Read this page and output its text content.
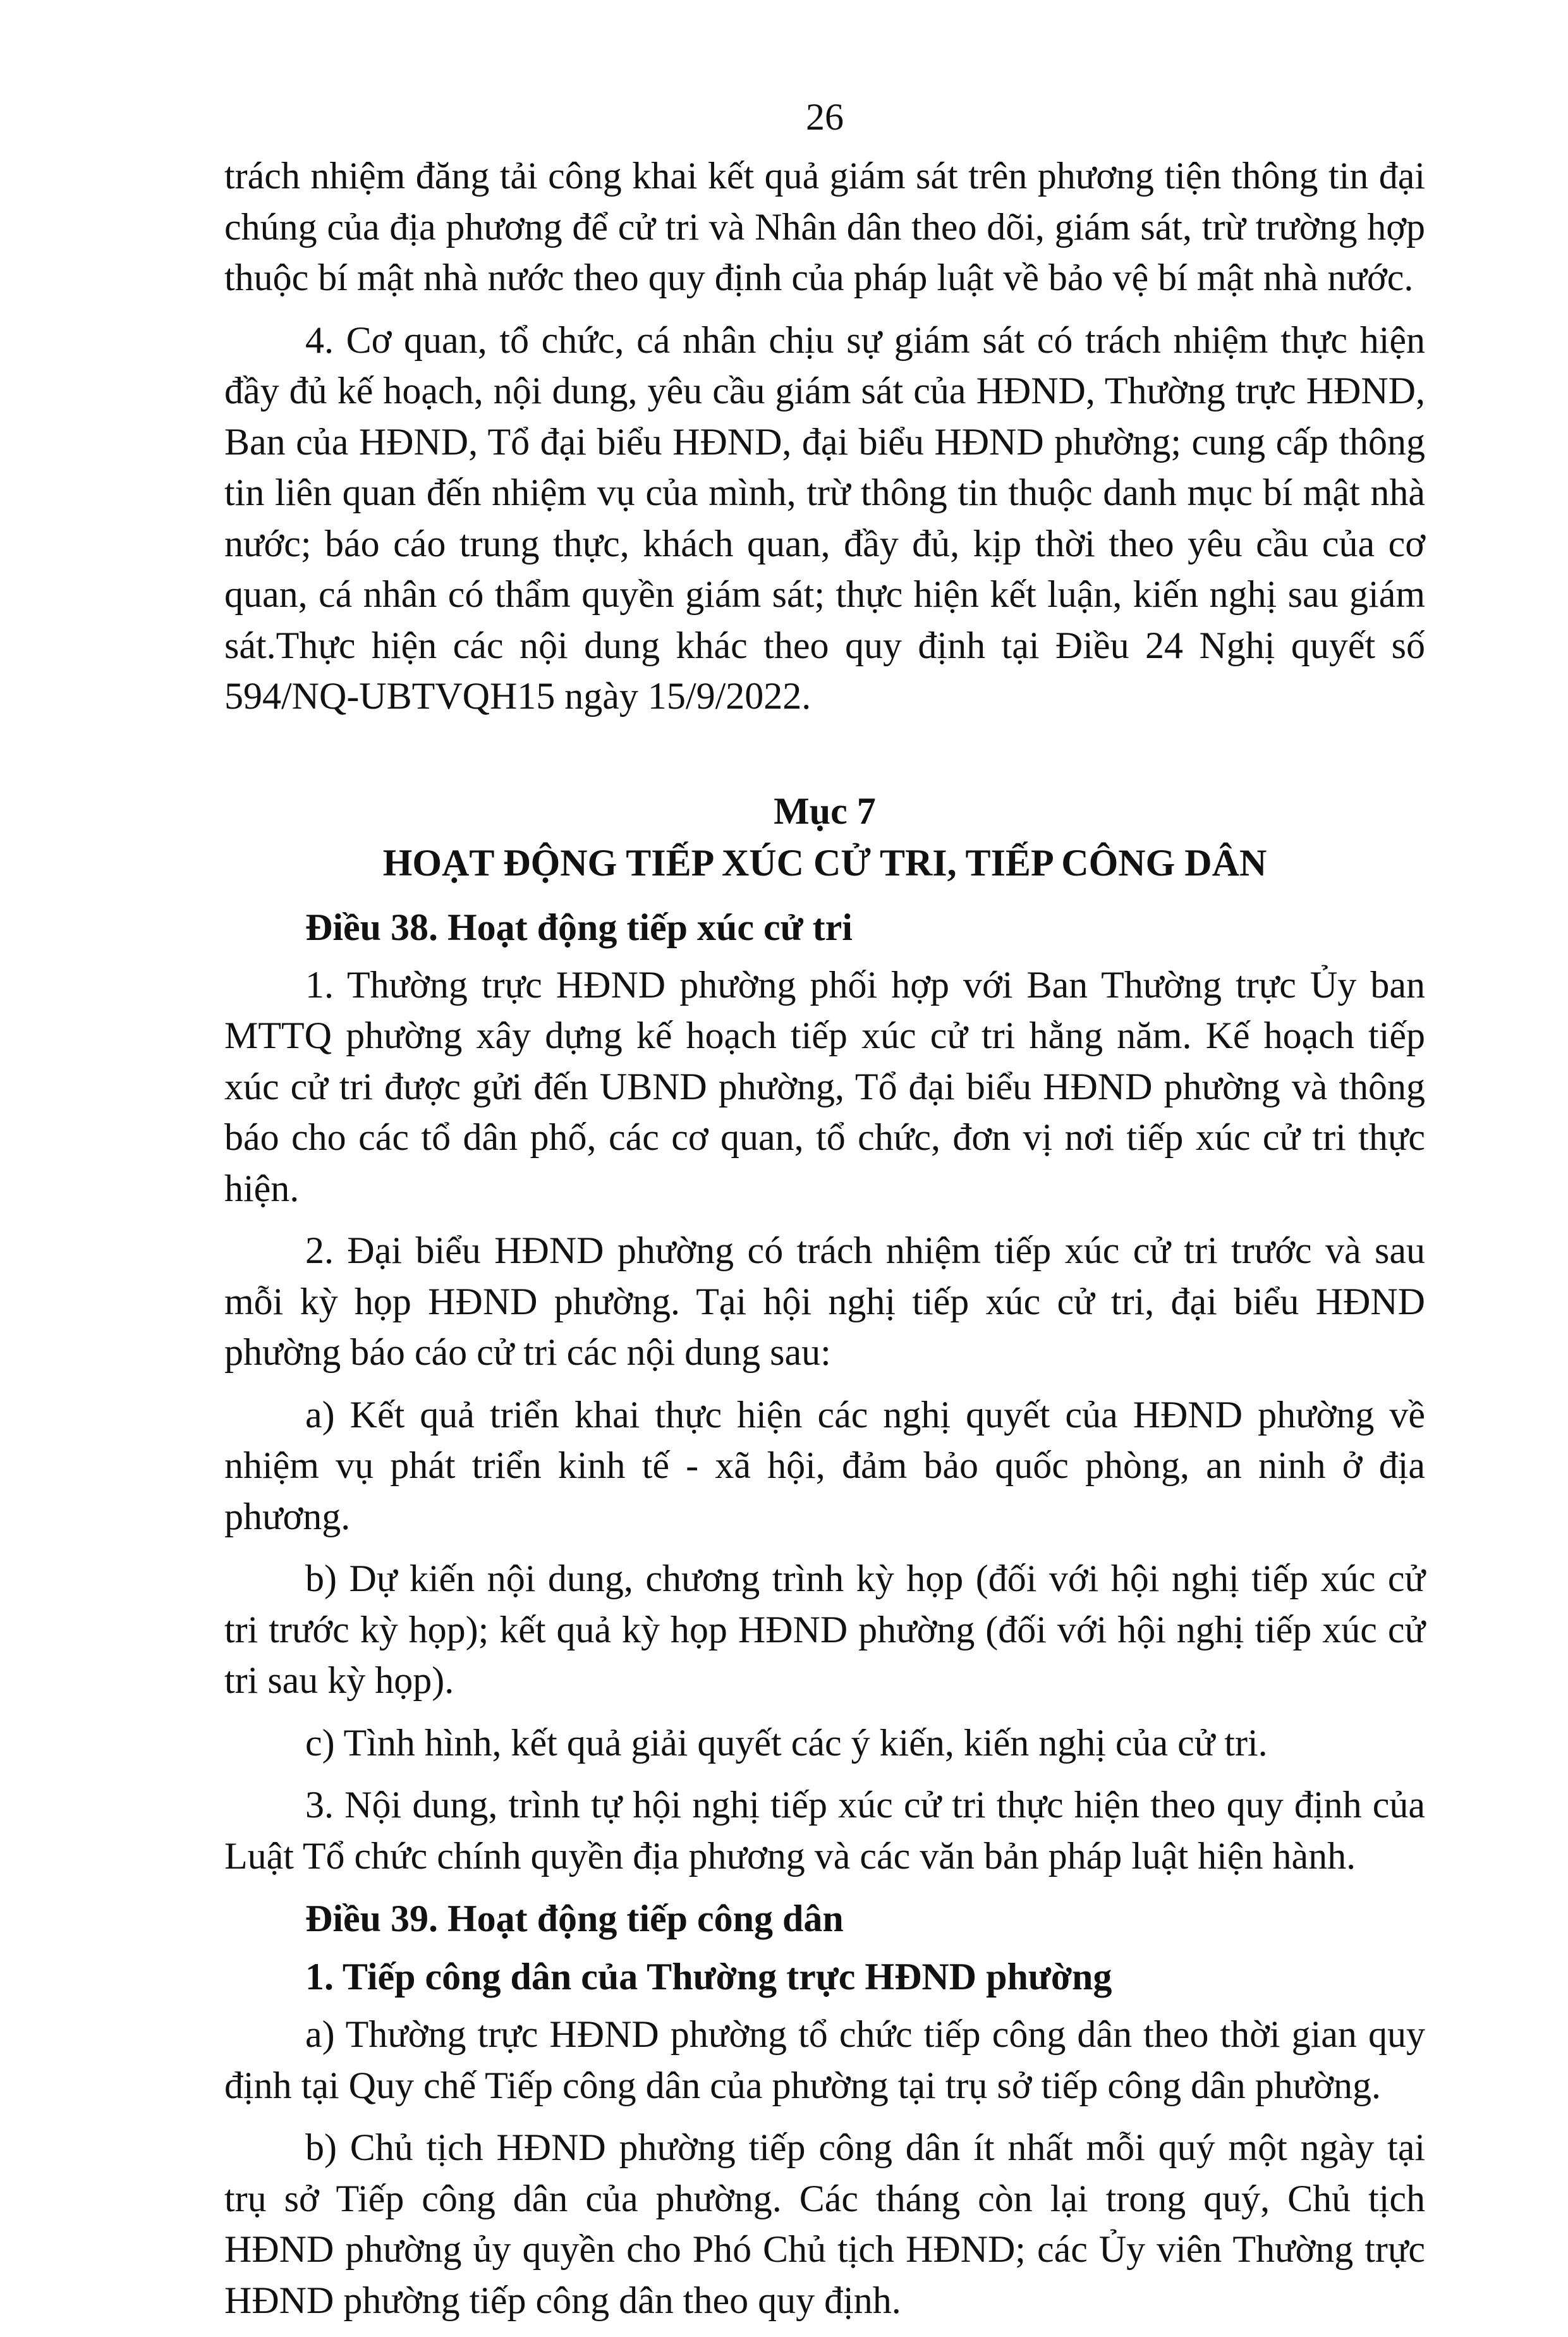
26

trách nhiệm đăng tải công khai kết quả giám sát trên phương tiện thông tin đại chúng của địa phương để cử tri và Nhân dân theo dõi, giám sát, trừ trường hợp thuộc bí mật nhà nước theo quy định của pháp luật về bảo vệ bí mật nhà nước.

4. Cơ quan, tổ chức, cá nhân chịu sự giám sát có trách nhiệm thực hiện đầy đủ kế hoạch, nội dung, yêu cầu giám sát của HĐND, Thường trực HĐND, Ban của HĐND, Tổ đại biểu HĐND, đại biểu HĐND phường; cung cấp thông tin liên quan đến nhiệm vụ của mình, trừ thông tin thuộc danh mục bí mật nhà nước; báo cáo trung thực, khách quan, đầy đủ, kịp thời theo yêu cầu của cơ quan, cá nhân có thẩm quyền giám sát; thực hiện kết luận, kiến nghị sau giám sát.Thực hiện các nội dung khác theo quy định tại Điều 24 Nghị quyết số 594/NQ-UBTVQH15 ngày 15/9/2022.

Mục 7
HOẠT ĐỘNG TIẾP XÚC CỬ TRI, TIẾP CÔNG DÂN
Điều 38. Hoạt động tiếp xúc cử tri

1. Thường trực HĐND phường phối hợp với Ban Thường trực Ủy ban MTTQ phường xây dựng kế hoạch tiếp xúc cử tri hằng năm. Kế hoạch tiếp xúc cử tri được gửi đến UBND phường, Tổ đại biểu HĐND phường và thông báo cho các tổ dân phố, các cơ quan, tổ chức, đơn vị nơi tiếp xúc cử tri thực hiện.

2. Đại biểu HĐND phường có trách nhiệm tiếp xúc cử tri trước và sau mỗi kỳ họp HĐND phường. Tại hội nghị tiếp xúc cử tri, đại biểu HĐND phường báo cáo cử tri các nội dung sau:

a) Kết quả triển khai thực hiện các nghị quyết của HĐND phường về nhiệm vụ phát triển kinh tế - xã hội, đảm bảo quốc phòng, an ninh ở địa phương.

b) Dự kiến nội dung, chương trình kỳ họp (đối với hội nghị tiếp xúc cử tri trước kỳ họp); kết quả kỳ họp HĐND phường (đối với hội nghị tiếp xúc cử tri sau kỳ họp).

c) Tình hình, kết quả giải quyết các ý kiến, kiến nghị của cử tri.

3. Nội dung, trình tự hội nghị tiếp xúc cử tri thực hiện theo quy định của Luật Tổ chức chính quyền địa phương và các văn bản pháp luật hiện hành.

Điều 39. Hoạt động tiếp công dân
1. Tiếp công dân của Thường trực HĐND phường

a) Thường trực HĐND phường tổ chức tiếp công dân theo thời gian quy định tại Quy chế Tiếp công dân của phường tại trụ sở tiếp công dân phường.

b) Chủ tịch HĐND phường tiếp công dân ít nhất mỗi quý một ngày tại trụ sở Tiếp công dân của phường. Các tháng còn lại trong quý, Chủ tịch HĐND phường ủy quyền cho Phó Chủ tịch HĐND; các Ủy viên Thường trực HĐND phường tiếp công dân theo quy định.
